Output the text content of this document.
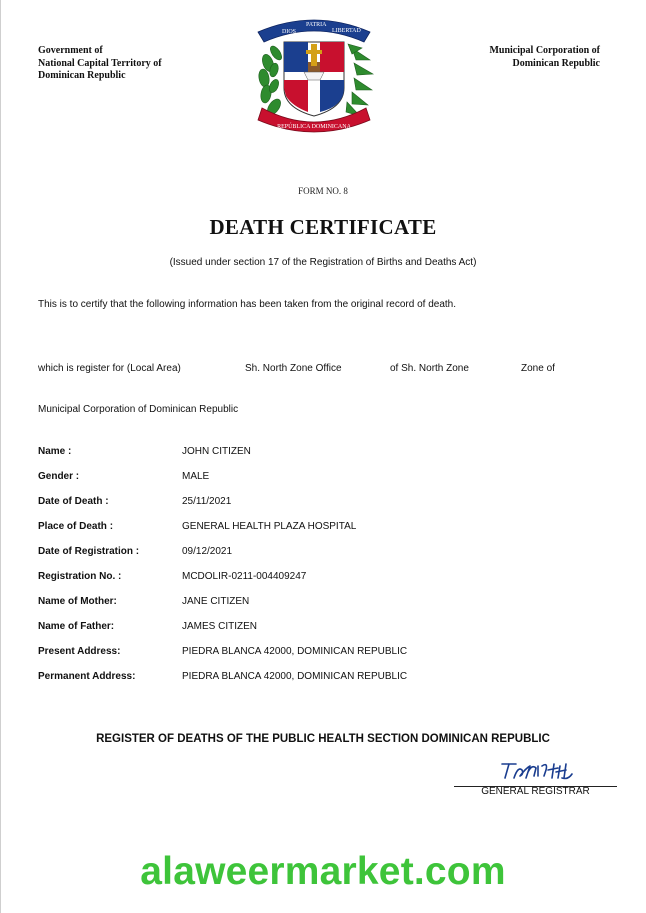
Government of
National Capital Territory of
Dominican Republic
DIOS
PATRIA
LIBERTAD
REPÚBLICA DOMINICANA
Municipal Corporation of
Dominican Republic
FORM NO. 8
DEATH CERTIFICATE
(Issued under section 17 of the Registration of Births and Deaths Act)
This is to certify that the following information has been taken from the original record of death.
which is register for (Local Area)	Sh. North Zone Office	of Sh. North Zone	Zone of
Municipal Corporation of Dominican Republic
Name :	JOHN CITIZEN
Gender :	MALE
Date of Death :	25/11/2021
Place of Death :	GENERAL HEALTH PLAZA HOSPITAL
Date of Registration :	09/12/2021
Registration No. :	MCDOLIR-0211-004409247
Name of Mother:	JANE CITIZEN
Name of Father:	JAMES CITIZEN
Present Address:	PIEDRA BLANCA 42000, DOMINICAN REPUBLIC
Permanent Address:	PIEDRA BLANCA 42000, DOMINICAN REPUBLIC
REGISTER OF DEATHS OF THE PUBLIC HEALTH SECTION DOMINICAN REPUBLIC
GENERAL REGISTRAR
alaweermarket.com
